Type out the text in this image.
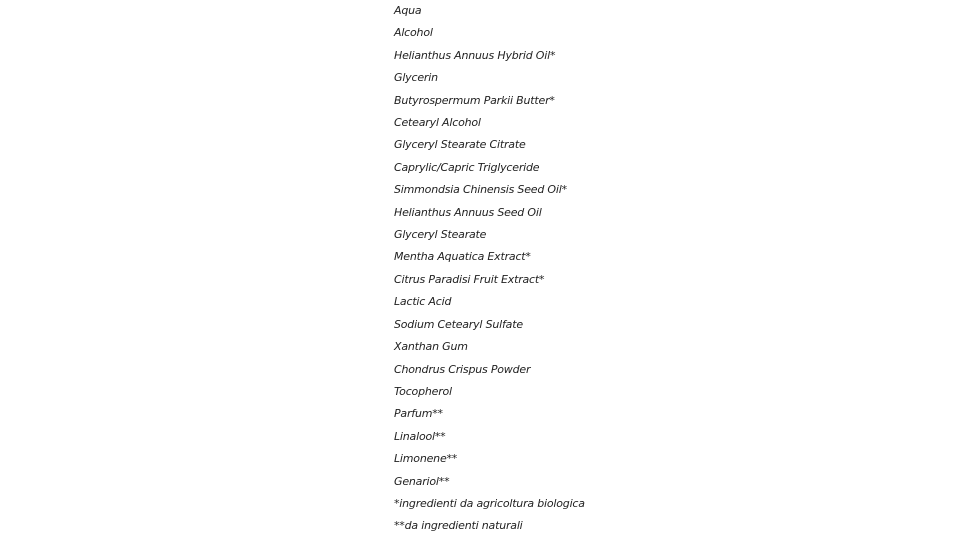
Aqua
Alcohol
Helianthus Annuus Hybrid Oil*
Glycerin
Butyrospermum Parkii Butter*
Cetearyl Alcohol
Glyceryl Stearate Citrate
Caprylic/Capric Triglyceride
Simmondsia Chinensis Seed Oil*
Helianthus Annuus Seed Oil
Glyceryl Stearate
Mentha Aquatica Extract*
Citrus Paradisi Fruit Extract*
Lactic Acid
Sodium Cetearyl Sulfate
Xanthan Gum
Chondrus Crispus Powder
Tocopherol
Parfum**
Linalool**
Limonene**
Genariol**
*ingredienti da agricoltura biologica
**da ingredienti naturali
